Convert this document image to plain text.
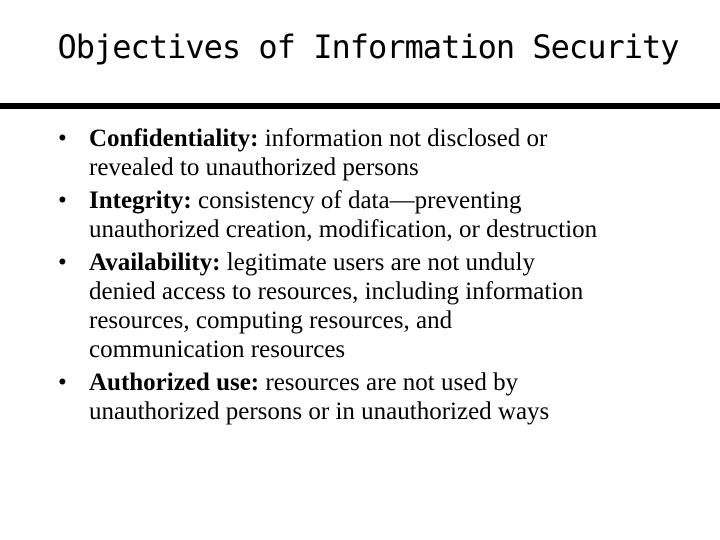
Objectives of Information Security
• Confidentiality: information not disclosed or
revealed to unauthorized persons
• Integrity: consistency of data—preventing
unauthorized creation, modification, or destruction
• Availability: legitimate users are not unduly
denied access to resources, including information
resources, computing resources, and
communication resources
• Authorized use: resources are not used by
unauthorized persons or in unauthorized ways
